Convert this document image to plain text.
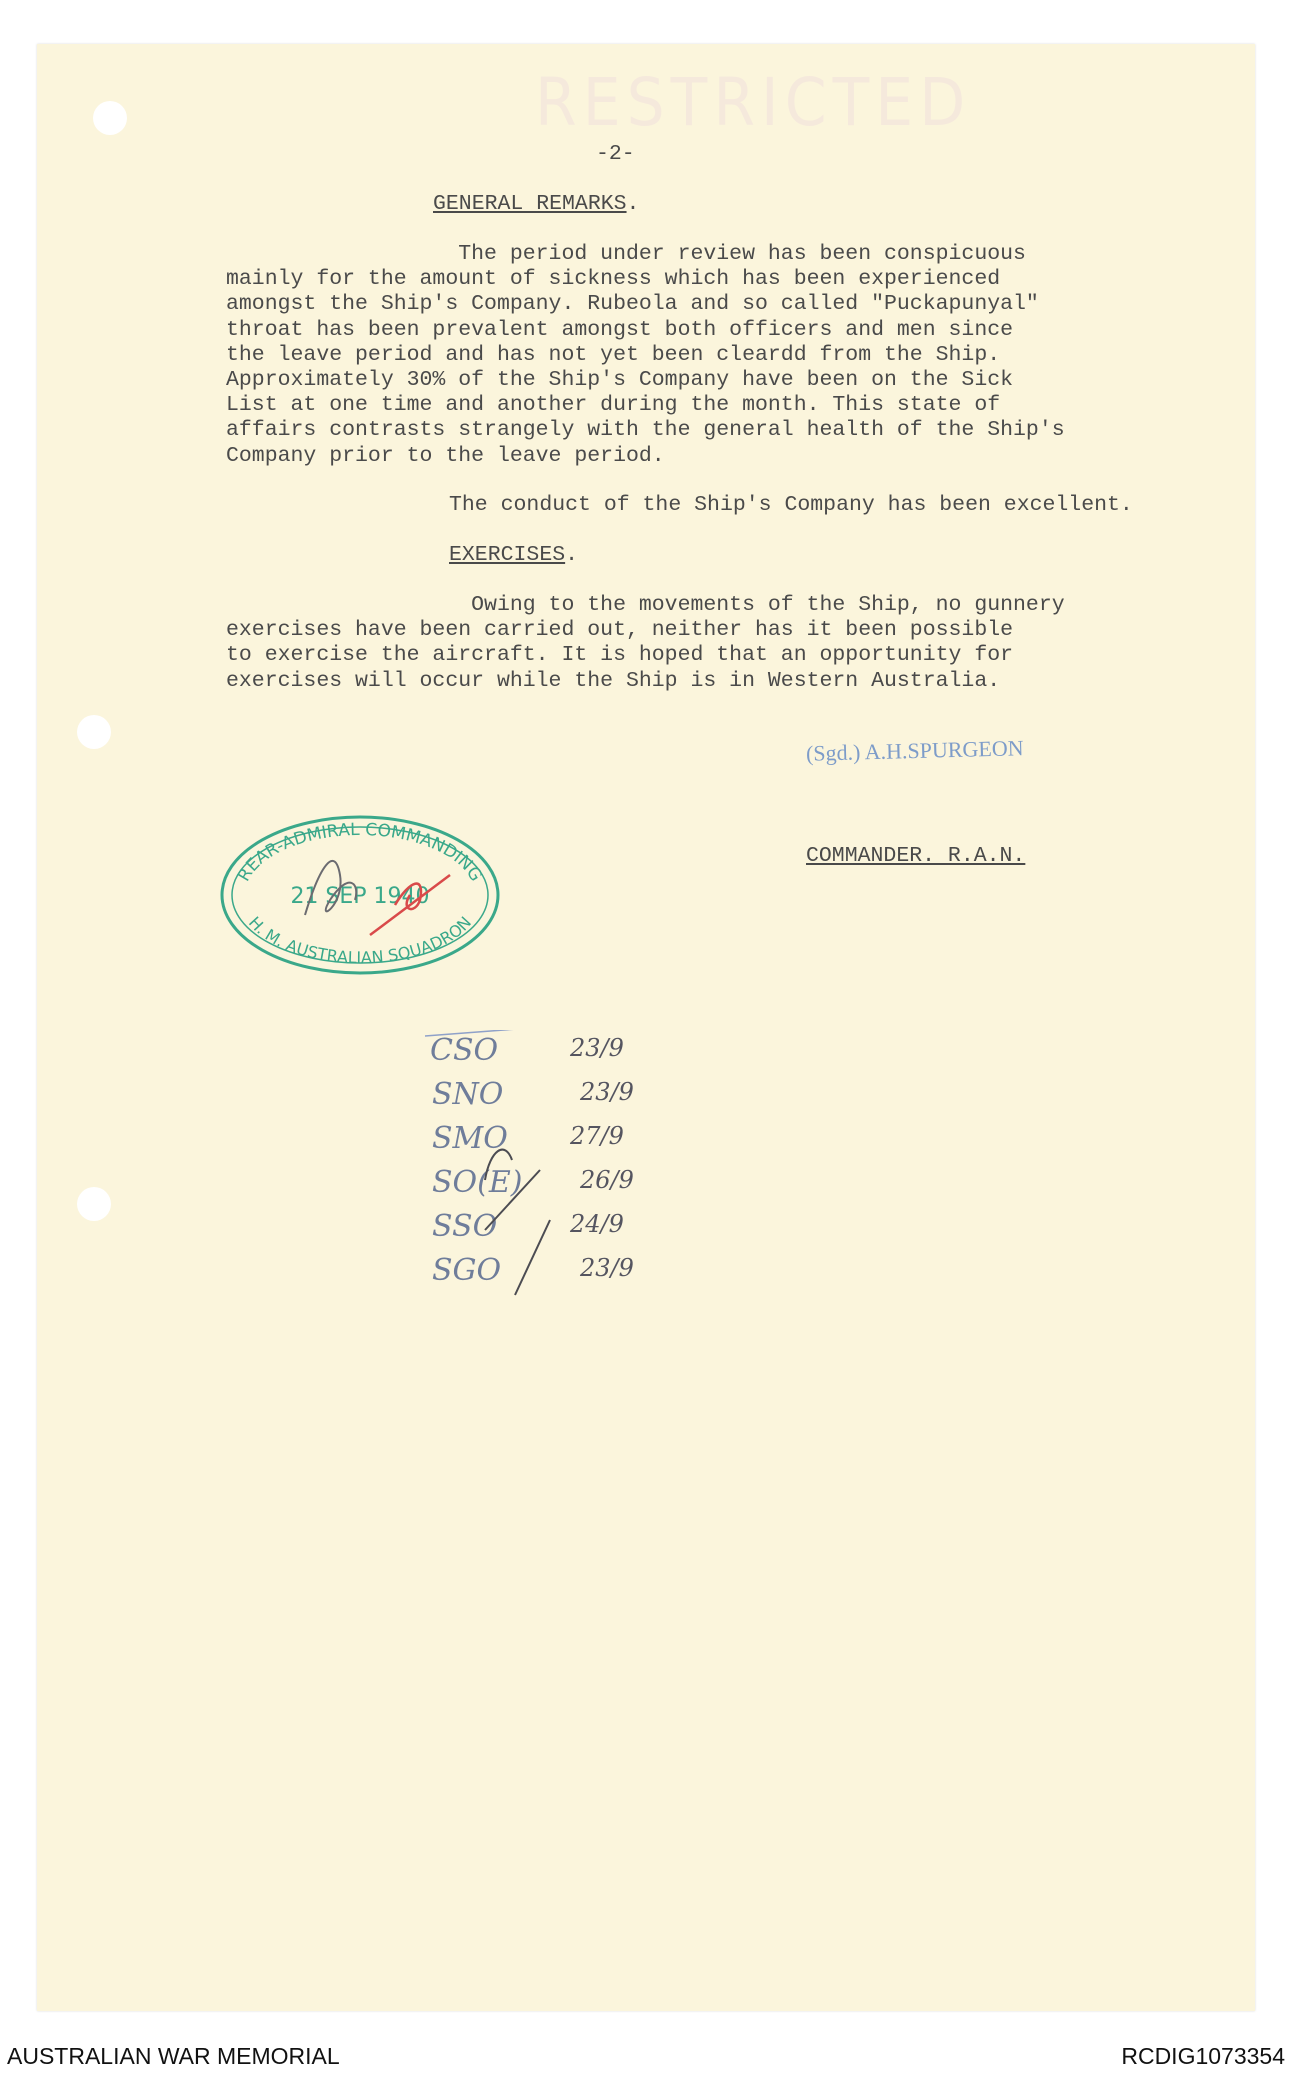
RESTRICTED
-2-
GENERAL REMARKS.
The period under review has been conspicuous
mainly for the amount of sickness which has been experienced
amongst the Ship's Company. Rubeola and so called "Puckapunyal"
throat has been prevalent amongst both officers and men since
the leave period and has not yet been cleardd from the Ship.
Approximately 30% of the Ship's Company have been on the Sick
List at one time and another during the month. This state of
affairs contrasts strangely with the general health of the Ship's
Company prior to the leave period.
The conduct of the Ship's Company has been excellent.
EXERCISES.
Owing to the movements of the Ship, no gunnery
exercises have been carried out, neither has it been possible
to exercise the aircraft. It is hoped that an opportunity for
exercises will occur while the Ship is in Western Australia.
(Sgd.) A.H.SPURGEON
COMMANDER. R.A.N.
REAR-ADMIRAL COMMANDING
H. M. AUSTRALIAN SQUADRON
21 SEP 1940
CSO	23/9
SNO	23/9
SMO	27/9
SO(E) 26/9
SSO	24/9
SGO	23/9
AUSTRALIAN WAR MEMORIAL	RCDIG1073354
